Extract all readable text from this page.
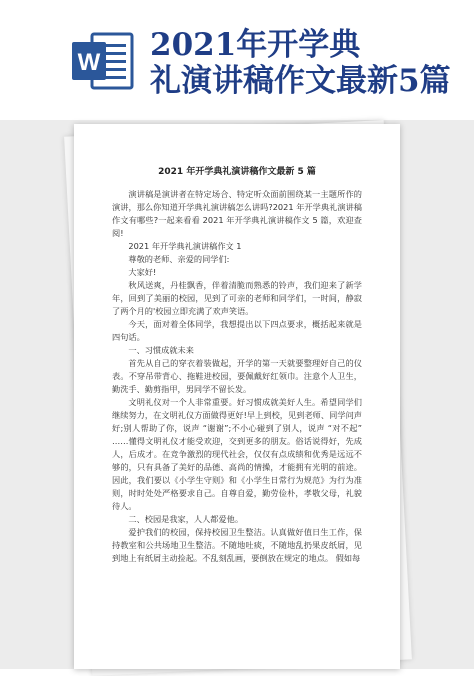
W 2021年开学典
礼演讲稿作文最新5篇
2021 年开学典礼演讲稿作文最新 5 篇

演讲稿是演讲者在特定场合、特定听众面前围绕某一主题所作的演讲，那么你知道开学典礼演讲稿怎么讲吗?2021 年开学典礼演讲稿作文有哪些?一起来看看 2021 年开学典礼演讲稿作文 5 篇，欢迎查阅!

2021 年开学典礼演讲稿作文 1

尊敬的老师、亲爱的同学们:

大家好!

秋风送爽，丹桂飘香，伴着清脆而熟悉的铃声，我们迎来了新学年，回到了美丽的校园，见到了可亲的老师和同学们，一时间，静寂了两个月的'校园立即充满了欢声笑语。

今天，面对着全体同学，我想提出以下四点要求，概括起来就是四句话。

一、习惯成就未来

首先从自己的穿衣着装做起，开学的第一天就要整理好自己的仪表。不穿吊带背心、拖鞋进校园，要佩戴好红领巾。注意个人卫生，勤洗手、勤剪指甲，男同学不留长发。

文明礼仪对一个人非常重要。好习惯成就美好人生。希望同学们继续努力，在文明礼仪方面做得更好!早上到校，见到老师、同学问声好;别人帮助了你，说声 “谢谢”;不小心碰到了别人，说声 “对不起” ……懂得文明礼仪才能受欢迎，交到更多的朋友。俗话说得好，先成人，后成才。在竞争激烈的现代社会，仅仅有点成绩和优秀是远远不够的，只有具备了美好的品德、高尚的情操，才能拥有光明的前途。因此，我们要以《小学生守则》和《小学生日常行为规范》为行为准则，时时处处严格要求自己。自尊自爱，勤劳俭朴，孝敬父母，礼貌待人。

二、校园是我家，人人都爱他。

爱护我们的校园，保持校园卫生整洁。认真做好值日生工作，保持教室和公共场地卫生整洁。不随地吐痰，不随地乱扔果皮纸屑，见到地上有纸屑主动捡起。不乱刻乱画，要倒放在规定的地点。 假如每
